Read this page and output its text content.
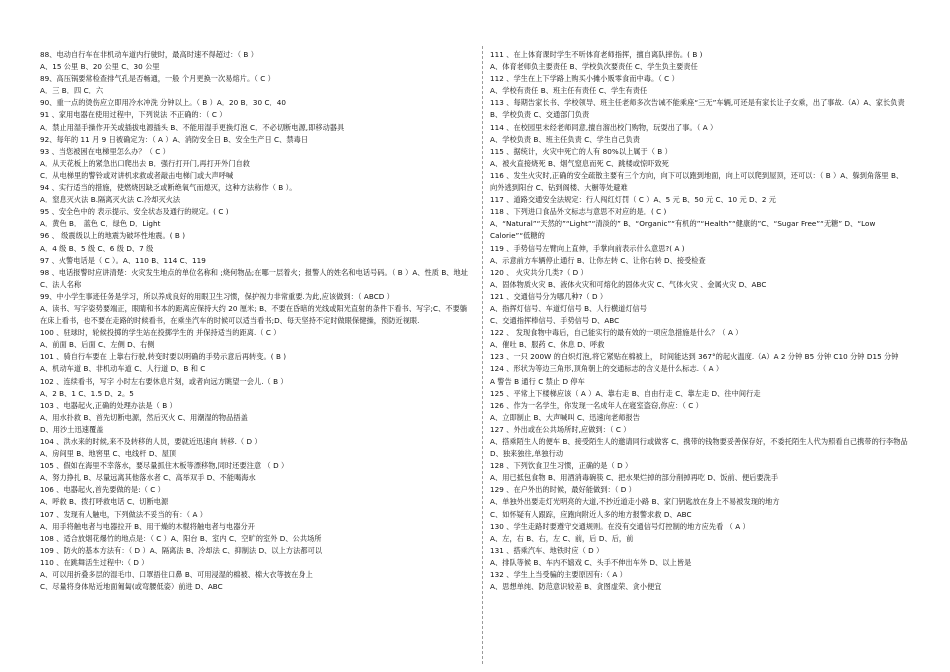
88、电动自行车在非机动车道内行驶时，最高时速不得超过：（ B ）
A、15 公里 B、20 公里 C、30 公里
89、高压锅要常检查排气孔是否畅通，一般 个月更换一次易熔片。（ C ）
A．三 B．四 C．六
90、重一点的烫伤应立即用冷水冲洗 分钟以上。（ B ）A．20 B．30 C．40
91 、家用电器在使用过程中，下列说法 不正确的：（ C ）
A．禁止用湿手操作开关或插拔电源插头 B、不能用湿手更换灯泡 C．不必切断电源,即移动器具
92、每年的 11 月 9 日被确定为：（ A ）A、消防安全日 B、安全生产日 C、禁毒日
93 、当您被困在电梯里怎么办？（ C ）
A．从天花板上的紧急出口爬出去 B．强行打开门,再打开外门自救
C．从电梯里的警铃或对讲机求救或者敲击电梯门或大声呼喊
94 、实行适当的措施，使燃烧因缺乏或断绝氧气而熄灭，这种方法称作（ B ）。
A．窒息灭火法 B.隔离灭火法 C.冷却灭火法
95 、安全色中的 表示提示、安全状态及通行的规定。( C )
A．黄色 B． 蓝色 C．绿色 D．Light
96 、 级震级以上的地震为破坏性地震。( B )
A．4 级 B、5 级 C、6 级 D、7 级
97 、火警电话是（ C ）。A、110 B、114 C、119
98 、电话报警时应讲清楚：火灾发生地点的单位名称和 ;烧何物品;在哪一层着火；报警人的姓名和电话号码。（ B ）A、性质 B、地址 C、法人名称
99、中小学生事迹任务是学习，所以养成良好的用眼卫生习惯，保护视力非常重要.为此,应该做到：（ ABCD ）
A、读书、写字姿势要端正，眼睛和书本的距离应保持大约 20 厘米; B、不要在昏暗的光线或阳光直射的条件下看书、写字;C、不要躺在床上看书，也不要在走路的时候看书，在乘坐汽车的时候可以适当看书;D、每天坚持不定时做眼保健操，预防近视眼.
100 、驻球时，轮候投掷的学生站在投掷学生的 并保持适当的距离.（ C ）
A、前面 B、后面 C、左侧 D、右侧
101 、骑自行车要在 上靠右行驶,转变时要以明确的手势示意后再转变。( B )
A、机动车道 B、非机动车道 C、人行道 D、B 和 C
102 、连续看书，写字 小时左右要休息片刻，或者向远方眺望一会儿.（ B ）
A、2 B、1 C、1.5 D、2。5
103 、电器起火,正确的处理办法是（ B ）
A、用水扑救 B、首先切断电源，然后灭火 C、用潮湿的物品捂盖
D、用沙土迅速覆盖
104 、洪水来的时候,来不及转移的人员，要就近迅速向 转移.（ D ）
A、房间里 B、地窖里 C、电线杆 D、屋顶
105 、假如在海里不幸落水，要尽量抓住木板等漂移物,同时还要注意 （ D ）
A、努力挣扎 B、尽量远离其他落水者 C、高举双手 D、不能喝海水
106 、电器起火,首先要做的是:（ C ）
A、呼救 B、拨打呼救电话 C、切断电源
107 、发现有人触电，下列做法不妥当的有：（ A ）
A、用手将触电者与电器拉开 B、用干燥的木棍将触电者与电器分开
108 、适合放烟花爆竹的地点是：（ C ）A、阳台 B、室内 C、空旷的室外 D、公共场所
109 、防火的基本方法有：（ D ）A、隔离法 B、冷却法 C、抑制法 D、以上方法都可以
110 、在跳舞活生过程中:（ D ）
A、可以用折叠多层的湿毛巾、口罩捂住口鼻 B、可用浸湿的棉被、棉大衣等披在身上
C、尽量将身体贴近地面匍匐(或弯腰低姿）前进 D、ABC
111 、在上体育课时学生不听体育老师指挥，擅自离队摔伤。( B )
A、体育老师负主要责任 B、学校负次要责任 C、学生负主要责任
112 、学生在上下学路上购买小摊小贩零食而中毒。（ C ）
A、学校有责任 B、班主任有责任 C、学生有责任
113 、每期告家长书、学校领导、班主任老师多次告诫不能乘座“三无”车辆,可还是有家长让子女乘，出了事故.（A）A、家长负责 B、学校负责 C、交通部门负责
114 、在校园里未经老师同意,擅自溜出校门购物，玩耍出了事。（ A ）
A、学校负责 B、班主任负责 C、学生自己负责
115 、据统计，火灾中死亡的人有 80%以上属于（ B ）
A、被火直接烧死 B、烟气窒息而死 C、跳楼或惊吓致死
116 、发生火灾时,正确的安全疏散主要有三个方向，向下可以跑到地面，向上可以爬到屋顶，还可以：（ B ）A、躲到角落里 B、向外逃到阳台 C、钻到阁楼、大橱等处避难
117 、道路交通安全法规定：行人闯红灯罚（ C ）A、5 元 B、50 元 C、10 元 D、2 元
118 、下列进口食品外文标志与意思不对应的是．( C )
A、“Natural”“天然的”“Light”“清淡的” B、“Organic”“有机的”“Health”“健康的”C、“Sugar Free”“无糖” D、“Low Calorie”“低糖的
119 、手势信号左臂向上直伸，手掌向前表示什么意思?( A )
A、示意前方车辆停止通行 B、让你左转 C、让你右转 D、接受检查
120 、 火灾共分几类?（ D ）
A、固体物质火灾 B、液体火灾和可熔化的固体火灾 C、气体火灾 、金属火灾 D、ABC
121 、交通信号分为哪几种?（ D ）
A、指挥灯信号、车道灯信号 B、人行横道灯信号
C、交通指挥棒信号、手势信号 D、ABC
122 、 发现食物中毒后，自己能实行的最有效的一项应急措施是什么？（ A ）
A、催吐 B、服药 C、休息 D、呼救
123 、一只 200W 的白炽灯泡,将它紧贴在棉被上， 时间能达到 367°的起火温度.（A）A 2 分钟 B5 分钟 C10 分钟 D15 分钟
124 、形状为等边三角形,顶角朝上的交通标志的含义是什么标志.（ A ）
A 警告 B 通行 C 禁止 D 停车
125 、平常上下楼梯应该（ A ）A、靠右走 B、自由行走 C、靠左走 D、往中间行走
126 、作为一名学生，你发现一名成年人在寝室盗窃,你应：（ C ）
A、立即制止 B、大声喊叫 C、迅速向老师报告
127 、外出或在公共场所时,应做到：（ C ）
A、搭乘陌生人的便车 B、接受陌生人的邀请同行或做客 C、携带的钱物要妥善保存好，不委托陌生人代为照看自己携带的行李物品 D、独来独往,单独行动
128 、下列饮食卫生习惯，正确的是（ D ）
A、用已抵包食物 B、用酒消毒碗筷 C、把水果烂掉的部分削掉再吃 D、饭前、便后要洗手
129 、在户外出的时候，最好能做到：（ D ）
A、单独外出要走灯光明亮的大道,不抄近道走小路 B、家门钥匙放在身上不易被发现的地方
C、如怀疑有人跟踪，应跑向附近人多的地方报警求救 D、ABC
130 、学生走路时要遵守交通规则。在没有交通信号灯控制的地方应先看 （ A ）
A、左，右 B、右，左 C、前，后 D、后，前
131 、搭乘汽车、地铁时应（ D ）
A、排队等候 B、车内不嬉戏 C、头手不伸出车外 D、以上皆是
132 、学生上当受骗的主要原因有:（ A ）
A、思想单纯、防范意识较差 B、贪图虚荣、贪小便宜
